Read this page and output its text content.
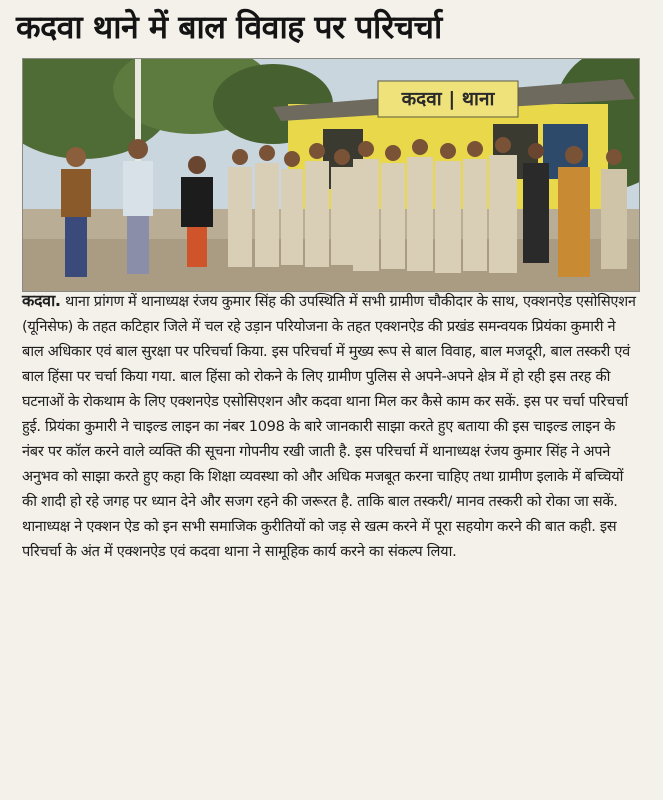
कदवा थाने में बाल विवाह पर परिचर्चा
कदवा | थाना
कदवा. थाना प्रांगण में थानाध्यक्ष रंजय कुमार सिंह की उपस्थिति में सभी ग्रामीण चौकीदार के साथ, एक्शनऐड एसोसिएशन (यूनिसेफ) के तहत कटिहार जिले में चल रहे उड़ान परियोजना के तहत एक्शनऐड की प्रखंड समन्वयक प्रियंका कुमारी ने बाल अधिकार एवं बाल सुरक्षा पर परिचर्चा किया. इस परिचर्चा में मुख्य रूप से बाल विवाह, बाल मजदूरी, बाल तस्करी एवं बाल हिंसा पर चर्चा किया गया. बाल हिंसा को रोकने के लिए ग्रामीण पुलिस से अपने-अपने क्षेत्र में हो रही इस तरह की घटनाओं के रोकथाम के लिए एक्शनऐड एसोसिएशन और कदवा थाना मिल कर कैसे काम कर सकें. इस पर चर्चा परिचर्चा हुई. प्रियंका कुमारी ने चाइल्ड लाइन का नंबर 1098 के बारे जानकारी साझा करते हुए बताया की इस चाइल्ड लाइन के नंबर पर कॉल करने वाले व्यक्ति की सूचना गोपनीय रखी जाती है. इस परिचर्चा में थानाध्यक्ष रंजय कुमार सिंह ने अपने अनुभव को साझा करते हुए कहा कि शिक्षा व्यवस्था को और अधिक मजबूत करना चाहिए तथा ग्रामीण इलाके में बच्चियों की शादी हो रहे जगह पर ध्यान देने और सजग रहने की जरूरत है. ताकि बाल तस्करी/ मानव तस्करी को रोका जा सकें. थानाध्यक्ष ने एक्शन ऐड को इन सभी समाजिक कुरीतियों को जड़ से खत्म करने में पूरा सहयोग करने की बात कही. इस परिचर्चा के अंत में एक्शनऐड एवं कदवा थाना ने सामूहिक कार्य करने का संकल्प लिया.
